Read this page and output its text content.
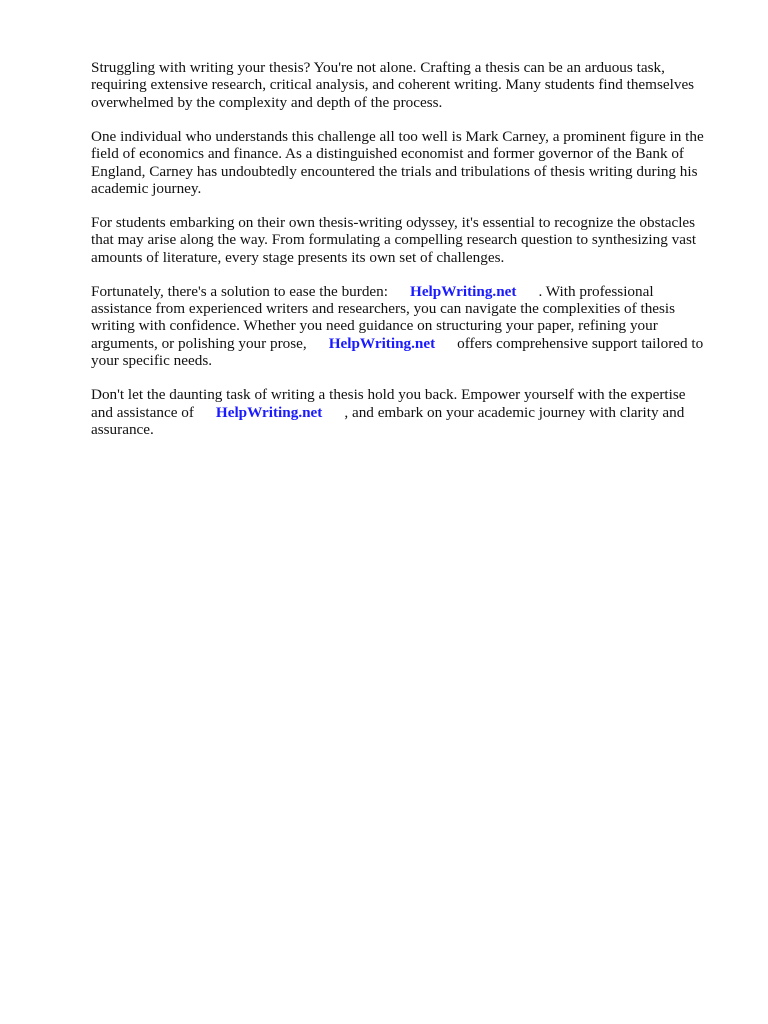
Struggling with writing your thesis? You're not alone. Crafting a thesis can be an arduous task,
requiring extensive research, critical analysis, and coherent writing. Many students find themselves
overwhelmed by the complexity and depth of the process.

One individual who understands this challenge all too well is Mark Carney, a prominent figure in the
field of economics and finance. As a distinguished economist and former governor of the Bank of
England, Carney has undoubtedly encountered the trials and tribulations of thesis writing during his
academic journey.

For students embarking on their own thesis-writing odyssey, it's essential to recognize the obstacles
that may arise along the way. From formulating a compelling research question to synthesizing vast
amounts of literature, every stage presents its own set of challenges.

Fortunately, there's a solution to ease the burden: HelpWriting.net . With professional
assistance from experienced writers and researchers, you can navigate the complexities of thesis
writing with confidence. Whether you need guidance on structuring your paper, refining your
arguments, or polishing your prose, HelpWriting.net offers comprehensive support tailored to
your specific needs.

Don't let the daunting task of writing a thesis hold you back. Empower yourself with the expertise
and assistance of HelpWriting.net , and embark on your academic journey with clarity and
assurance.
